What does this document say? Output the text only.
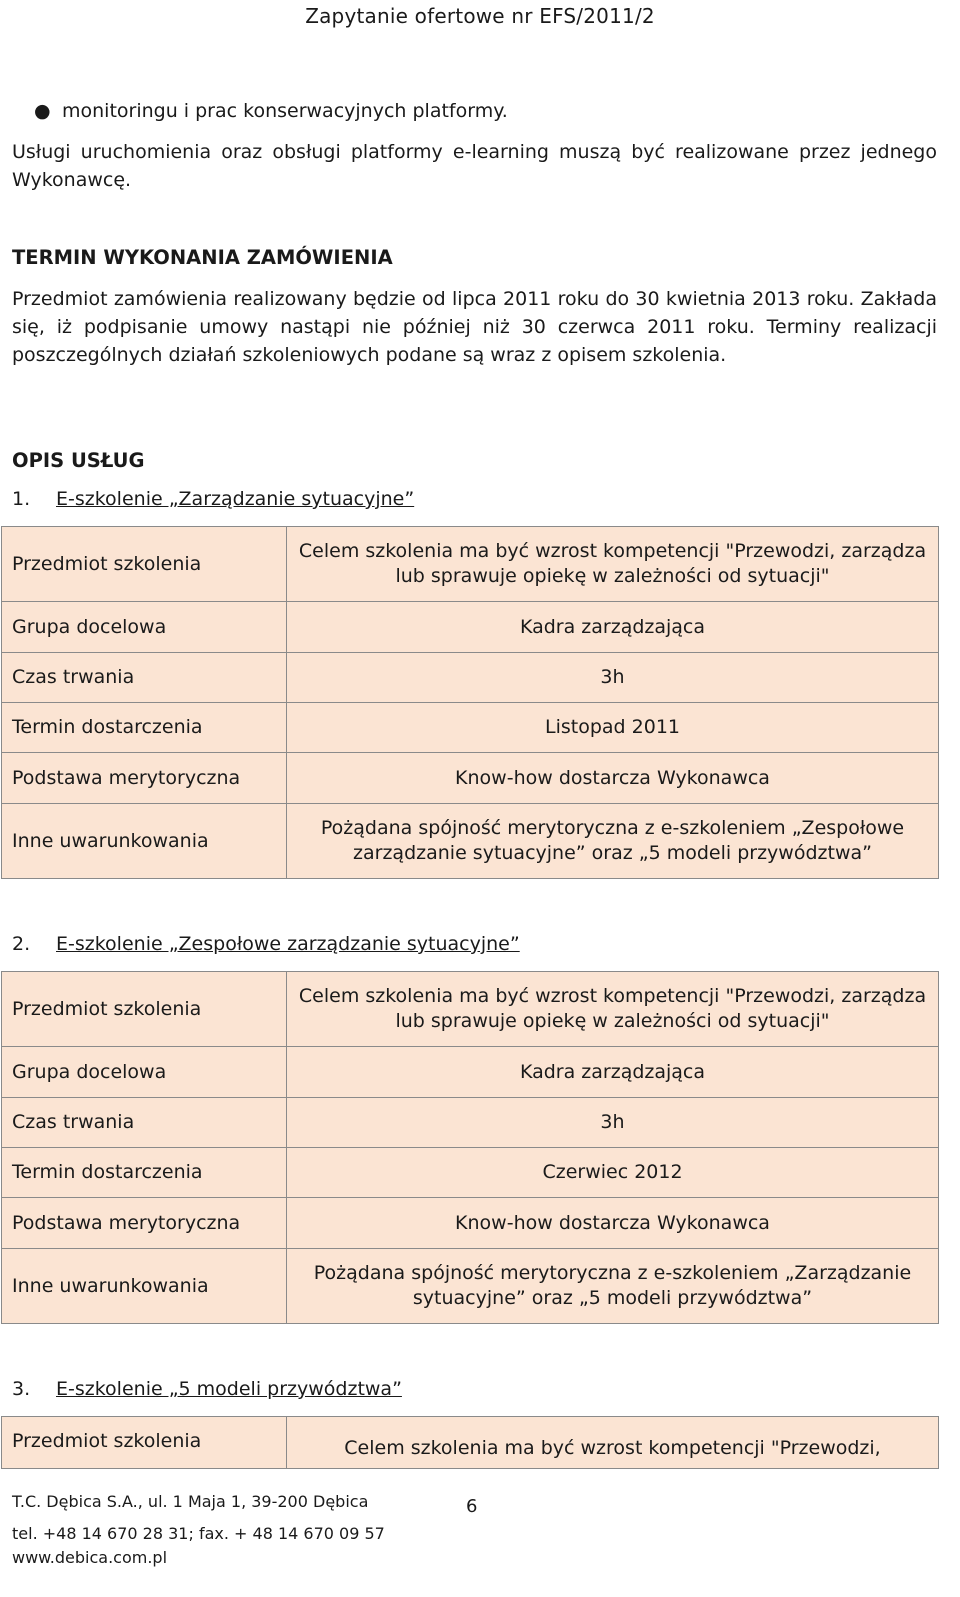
Zapytanie ofertowe nr EFS/2011/2
● monitoringu i prac konserwacyjnych platformy.
Usługi uruchomienia oraz obsługi platformy e-learning muszą być realizowane przez jednego Wykonawcę.
TERMIN WYKONANIA ZAMÓWIENIA
Przedmiot zamówienia realizowany będzie od lipca 2011 roku do 30 kwietnia 2013 roku. Zakłada się, iż podpisanie umowy nastąpi nie później niż 30 czerwca 2011 roku. Terminy realizacji poszczególnych działań szkoleniowych podane są wraz z opisem szkolenia.
OPIS USŁUG
1. E-szkolenie „Zarządzanie sytuacyjne”
Przedmiot szkolenia	Celem szkolenia ma być wzrost kompetencji "Przewodzi, zarządza lub sprawuje opiekę w zależności od sytuacji"
Grupa docelowa	Kadra zarządzająca
Czas trwania	3h
Termin dostarczenia	Listopad 2011
Podstawa merytoryczna	Know-how dostarcza Wykonawca
Inne uwarunkowania	Pożądana spójność merytoryczna z e-szkoleniem „Zespołowe zarządzanie sytuacyjne” oraz „5 modeli przywództwa”
2. E-szkolenie „Zespołowe zarządzanie sytuacyjne”
Przedmiot szkolenia	Celem szkolenia ma być wzrost kompetencji "Przewodzi, zarządza lub sprawuje opiekę w zależności od sytuacji"
Grupa docelowa	Kadra zarządzająca
Czas trwania	3h
Termin dostarczenia	Czerwiec 2012
Podstawa merytoryczna	Know-how dostarcza Wykonawca
Inne uwarunkowania	Pożądana spójność merytoryczna z e-szkoleniem „Zarządzanie sytuacyjne” oraz „5 modeli przywództwa”
3. E-szkolenie „5 modeli przywództwa”
Przedmiot szkolenia	Celem szkolenia ma być wzrost kompetencji "Przewodzi,
T.C. Dębica S.A., ul. 1 Maja 1, 39-200 Dębica	6
tel. +48 14 670 28 31; fax. + 48 14 670 09 57
www.debica.com.pl
